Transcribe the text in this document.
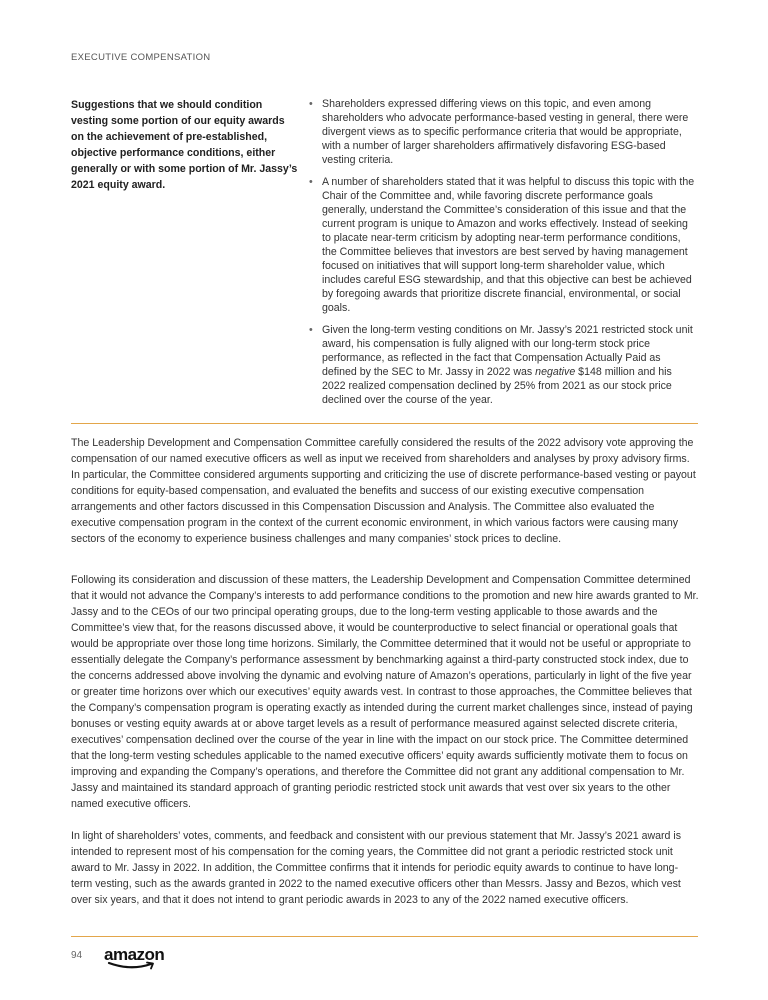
EXECUTIVE COMPENSATION
Suggestions that we should condition vesting some portion of our equity awards on the achievement of pre-established, objective performance conditions, either generally or with some portion of Mr. Jassy’s 2021 equity award.
• Shareholders expressed differing views on this topic, and even among shareholders who advocate performance-based vesting in general, there were divergent views as to specific performance criteria that would be appropriate, with a number of larger shareholders affirmatively disfavoring ESG-based vesting criteria.
• A number of shareholders stated that it was helpful to discuss this topic with the Chair of the Committee and, while favoring discrete performance goals generally, understand the Committee’s consideration of this issue and that the current program is unique to Amazon and works effectively. Instead of seeking to placate near-term criticism by adopting near-term performance conditions, the Committee believes that investors are best served by having management focused on initiatives that will support long-term shareholder value, which includes careful ESG stewardship, and that this objective can best be achieved by foregoing awards that prioritize discrete financial, environmental, or social goals.
• Given the long-term vesting conditions on Mr. Jassy’s 2021 restricted stock unit award, his compensation is fully aligned with our long-term stock price performance, as reflected in the fact that Compensation Actually Paid as defined by the SEC to Mr. Jassy in 2022 was negative $148 million and his 2022 realized compensation declined by 25% from 2021 as our stock price declined over the course of the year.

The Leadership Development and Compensation Committee carefully considered the results of the 2022 advisory vote approving the compensation of our named executive officers as well as input we received from shareholders and analyses by proxy advisory firms. In particular, the Committee considered arguments supporting and criticizing the use of discrete performance-based vesting or payout conditions for equity-based compensation, and evaluated the benefits and success of our existing executive compensation arrangements and other factors discussed in this Compensation Discussion and Analysis. The Committee also evaluated the executive compensation program in the context of the current economic environment, in which various factors were causing many sectors of the economy to experience business challenges and many companies’ stock prices to decline.

Following its consideration and discussion of these matters, the Leadership Development and Compensation Committee determined that it would not advance the Company’s interests to add performance conditions to the promotion and new hire awards granted to Mr. Jassy and to the CEOs of our two principal operating groups, due to the long-term vesting applicable to those awards and the Committee’s view that, for the reasons discussed above, it would be counterproductive to select financial or operational goals that would be appropriate over those long time horizons. Similarly, the Committee determined that it would not be useful or appropriate to essentially delegate the Company’s performance assessment by benchmarking against a third-party constructed stock index, due to the concerns addressed above involving the dynamic and evolving nature of Amazon’s operations, particularly in light of the five year or greater time horizons over which our executives’ equity awards vest. In contrast to those approaches, the Committee believes that the Company’s compensation program is operating exactly as intended during the current market challenges since, instead of paying bonuses or vesting equity awards at or above target levels as a result of performance measured against selected discrete criteria, executives’ compensation declined over the course of the year in line with the impact on our stock price. The Committee determined that the long-term vesting schedules applicable to the named executive officers’ equity awards sufficiently motivate them to focus on improving and expanding the Company’s operations, and therefore the Committee did not grant any additional compensation to Mr. Jassy and maintained its standard approach of granting periodic restricted stock unit awards that vest over six years to the other named executive officers.

In light of shareholders’ votes, comments, and feedback and consistent with our previous statement that Mr. Jassy’s 2021 award is intended to represent most of his compensation for the coming years, the Committee did not grant a periodic restricted stock unit award to Mr. Jassy in 2022. In addition, the Committee confirms that it intends for periodic equity awards to continue to have long-term vesting, such as the awards granted in 2022 to the named executive officers other than Messrs. Jassy and Bezos, which vest over six years, and that it does not intend to grant periodic awards in 2023 to any of the 2022 named executive officers.

94 amazon
